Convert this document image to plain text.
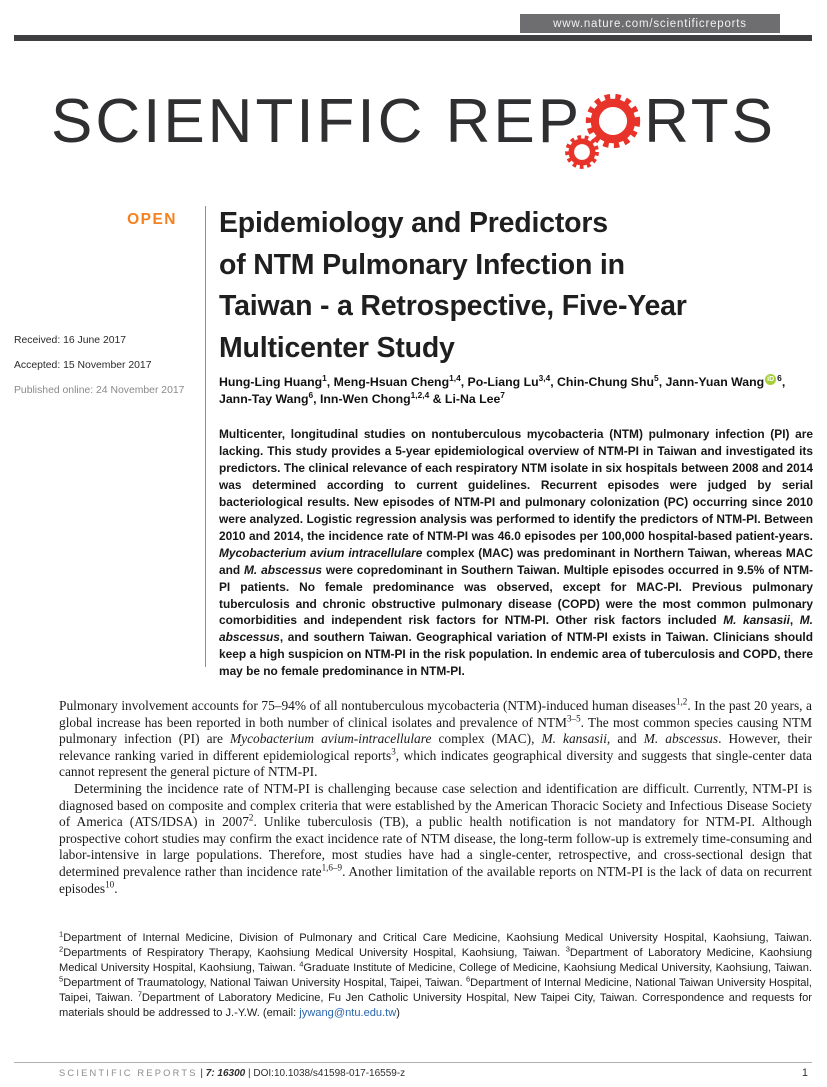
www.nature.com/scientificreports
SCIENTIFIC REP RTS
OPEN
Received: 16 June 2017
Accepted: 15 November 2017
Published online: 24 November 2017
Epidemiology and Predictors
of NTM Pulmonary Infection in
Taiwan - a Retrospective, Five-Year
Multicenter Study
Hung-Ling Huang$^1$, Meng-Hsuan Cheng$^{1,4}$, Po-Liang Lu$^{3,4}$, Chin-Chung Shu$^5$, Jann-Yuan Wang iD $^6$,
Jann-Tay Wang$^6$, Inn-Wen Chong$^{1,2,4}$ & Li-Na Lee$^7$
Multicenter, longitudinal studies on nontuberculous mycobacteria (NTM) pulmonary infection (PI) are lacking. This study provides a 5-year epidemiological overview of NTM-PI in Taiwan and investigated its predictors. The clinical relevance of each respiratory NTM isolate in six hospitals between 2008 and 2014 was determined according to current guidelines. Recurrent episodes were judged by serial bacteriological results. New episodes of NTM-PI and pulmonary colonization (PC) occurring since 2010 were analyzed. Logistic regression analysis was performed to identify the predictors of NTM-PI. Between 2010 and 2014, the incidence rate of NTM-PI was 46.0 episodes per 100,000 hospital-based patient-years. Mycobacterium avium intracellulare complex (MAC) was predominant in Northern Taiwan, whereas MAC and M. abscessus were copredominant in Southern Taiwan. Multiple episodes occurred in 9.5% of NTM-PI patients. No female predominance was observed, except for MAC-PI. Previous pulmonary tuberculosis and chronic obstructive pulmonary disease (COPD) were the most common pulmonary comorbidities and independent risk factors for NTM-PI. Other risk factors included M. kansasii, M. abscessus, and southern Taiwan. Geographical variation of NTM-PI exists in Taiwan. Clinicians should keep a high suspicion on NTM-PI in the risk population. In endemic area of tuberculosis and COPD, there may be no female predominance in NTM-PI.
Pulmonary involvement accounts for 75–94% of all nontuberculous mycobacteria (NTM)-induced human diseases$^{1,2}$. In the past 20 years, a global increase has been reported in both number of clinical isolates and prevalence of NTM$^{3-5}$. The most common species causing NTM pulmonary infection (PI) are Mycobacterium avium-intracellulare complex (MAC), M. kansasii, and M. abscessus. However, their relevance ranking varied in different epidemiological reports$^3$, which indicates geographical diversity and suggests that single-center data cannot represent the general picture of NTM-PI.
Determining the incidence rate of NTM-PI is challenging because case selection and identification are difficult. Currently, NTM-PI is diagnosed based on composite and complex criteria that were established by the American Thoracic Society and Infectious Disease Society of America (ATS/IDSA) in 2007$^2$. Unlike tuberculosis (TB), a public health notification is not mandatory for NTM-PI. Although prospective cohort studies may confirm the exact incidence rate of NTM disease, the long-term follow-up is extremely time-consuming and labor-intensive in large populations. Therefore, most studies have had a single-center, retrospective, and cross-sectional design that determined prevalence rather than incidence rate$^{1,6-9}$. Another limitation of the available reports on NTM-PI is the lack of data on recurrent episodes$^{10}$.
$^1$Department of Internal Medicine, Division of Pulmonary and Critical Care Medicine, Kaohsiung Medical University Hospital, Kaohsiung, Taiwan. $^2$Departments of Respiratory Therapy, Kaohsiung Medical University Hospital, Kaohsiung, Taiwan. $^3$Department of Laboratory Medicine, Kaohsiung Medical University Hospital, Kaohsiung, Taiwan. $^4$Graduate Institute of Medicine, College of Medicine, Kaohsiung Medical University, Kaohsiung, Taiwan. $^5$Department of Traumatology, National Taiwan University Hospital, Taipei, Taiwan. $^6$Department of Internal Medicine, National Taiwan University Hospital, Taipei, Taiwan. $^7$Department of Laboratory Medicine, Fu Jen Catholic University Hospital, New Taipei City, Taiwan. Correspondence and requests for materials should be addressed to J.-Y.W. (email: jywang@ntu.edu.tw)
SCIENTIFIC REPORTS | 7: 16300 | DOI:10.1038/s41598-017-16559-z	1
